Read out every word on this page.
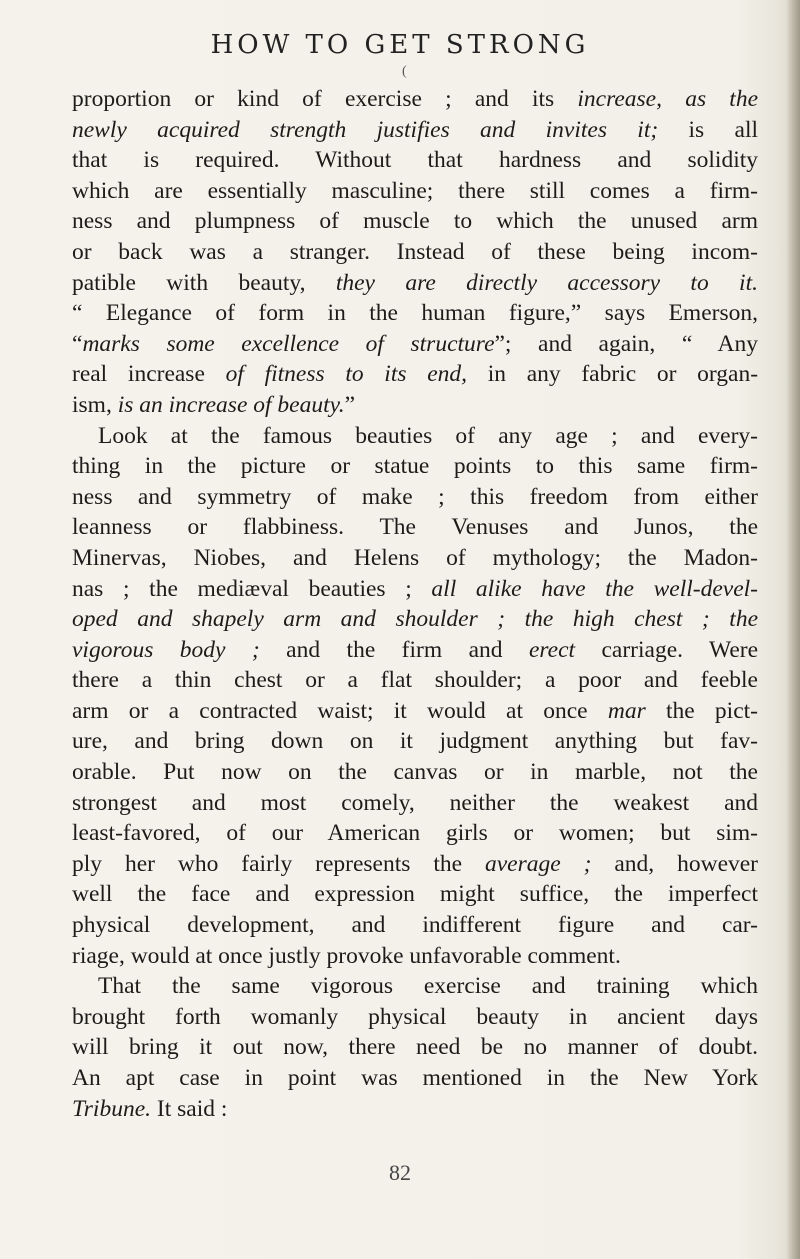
HOW TO GET STRONG
(
proportion or kind of exercise ; and its increase, as the
newly acquired strength justifies and invites it; is all
that is required. Without that hardness and solidity
which are essentially masculine; there still comes a firm-
ness and plumpness of muscle to which the unused arm
or back was a stranger. Instead of these being incom-
patible with beauty, they are directly accessory to it.
“ Elegance of form in the human figure,” says Emerson,
“marks some excellence of structure”; and again, “ Any
real increase of fitness to its end, in any fabric or organ-
ism, is an increase of beauty.”
Look at the famous beauties of any age ; and every-
thing in the picture or statue points to this same firm-
ness and symmetry of make ; this freedom from either
leanness or flabbiness. The Venuses and Junos, the
Minervas, Niobes, and Helens of mythology; the Madon-
nas ; the mediæval beauties ; all alike have the well-devel-
oped and shapely arm and shoulder ; the high chest ; the
vigorous body ; and the firm and erect carriage. Were
there a thin chest or a flat shoulder; a poor and feeble
arm or a contracted waist; it would at once mar the pict-
ure, and bring down on it judgment anything but fav-
orable. Put now on the canvas or in marble, not the
strongest and most comely, neither the weakest and
least-favored, of our American girls or women; but sim-
ply her who fairly represents the average ; and, however
well the face and expression might suffice, the imperfect
physical development, and indifferent figure and car-
riage, would at once justly provoke unfavorable comment.
That the same vigorous exercise and training which
brought forth womanly physical beauty in ancient days
will bring it out now, there need be no manner of doubt.
An apt case in point was mentioned in the New York
Tribune. It said :
82
